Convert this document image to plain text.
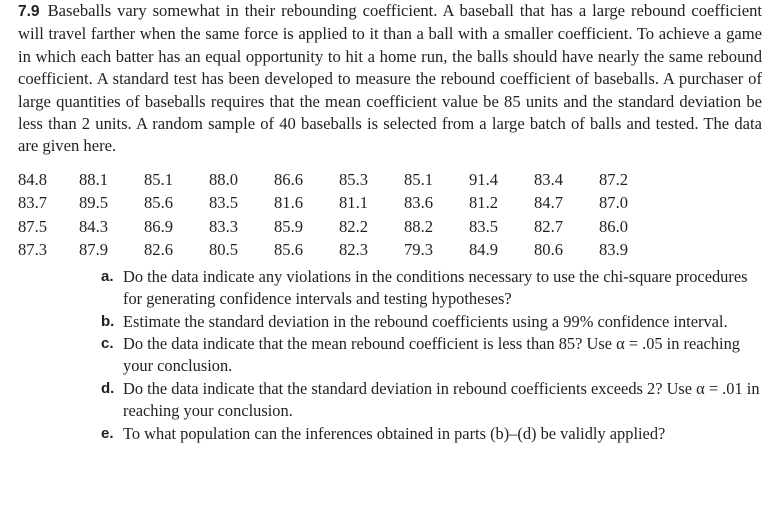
7.9 Baseballs vary somewhat in their rebounding coefficient. A baseball that has a large rebound coefficient will travel farther when the same force is applied to it than a ball with a smaller coefficient. To achieve a game in which each batter has an equal opportunity to hit a home run, the balls should have nearly the same rebound coefficient. A standard test has been developed to measure the rebound coefficient of baseballs. A purchaser of large quantities of baseballs requires that the mean coefficient value be 85 units and the standard deviation be less than 2 units. A random sample of 40 baseballs is selected from a large batch of balls and tested. The data are given here.

84.8	88.1	85.1	88.0	86.6	85.3	85.1	91.4	83.4	87.2
83.7	89.5	85.6	83.5	81.6	81.1	83.6	81.2	84.7	87.0
87.5	84.3	86.9	83.3	85.9	82.2	88.2	83.5	82.7	86.0
87.3	87.9	82.6	80.5	85.6	82.3	79.3	84.9	80.6	83.9
a. Do the data indicate any violations in the conditions necessary to use the chi-square procedures for generating confidence intervals and testing hypotheses?
b. Estimate the standard deviation in the rebound coefficients using a 99% confidence interval.
c. Do the data indicate that the mean rebound coefficient is less than 85? Use α = .05 in reaching your conclusion.
d. Do the data indicate that the standard deviation in rebound coefficients exceeds 2? Use α = .01 in reaching your conclusion.
e. To what population can the inferences obtained in parts (b)–(d) be validly applied?
